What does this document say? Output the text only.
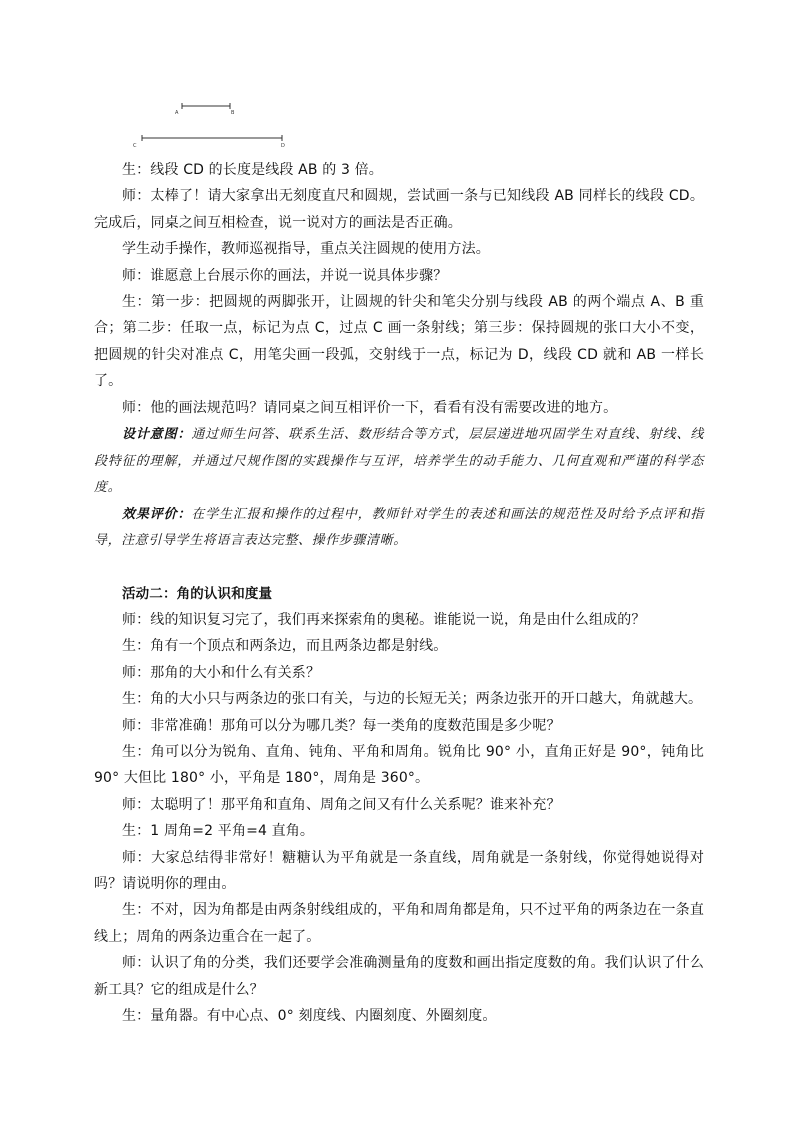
A	B
C	D

生：线段 CD 的长度是线段 AB 的 3 倍。

师：太棒了！请大家拿出无刻度直尺和圆规，尝试画一条与已知线段 AB 同样长的线段 CD。完成后，同桌之间互相检查，说一说对方的画法是否正确。

学生动手操作，教师巡视指导，重点关注圆规的使用方法。

师：谁愿意上台展示你的画法，并说一说具体步骤？

生：第一步：把圆规的两脚张开，让圆规的针尖和笔尖分别与线段 AB 的两个端点 A、B 重合；第二步：任取一点，标记为点 C，过点 C 画一条射线；第三步：保持圆规的张口大小不变，把圆规的针尖对准点 C，用笔尖画一段弧，交射线于一点，标记为 D，线段 CD 就和 AB 一样长了。

师：他的画法规范吗？请同桌之间互相评价一下，看看有没有需要改进的地方。

设计意图：通过师生问答、联系生活、数形结合等方式，层层递进地巩固学生对直线、射线、线段特征的理解，并通过尺规作图的实践操作与互评，培养学生的动手能力、几何直观和严谨的科学态度。

效果评价：在学生汇报和操作的过程中，教师针对学生的表述和画法的规范性及时给予点评和指导，注意引导学生将语言表达完整、操作步骤清晰。

活动二：角的认识和度量

师：线的知识复习完了，我们再来探索角的奥秘。谁能说一说，角是由什么组成的？

生：角有一个顶点和两条边，而且两条边都是射线。

师：那角的大小和什么有关系？

生：角的大小只与两条边的张口有关，与边的长短无关；两条边张开的开口越大，角就越大。

师：非常准确！那角可以分为哪几类？每一类角的度数范围是多少呢？

生：角可以分为锐角、直角、钝角、平角和周角。锐角比 90° 小，直角正好是 90°，钝角比 90° 大但比 180° 小，平角是 180°，周角是 360°。

师：太聪明了！那平角和直角、周角之间又有什么关系呢？谁来补充？

生：1 周角=2 平角=4 直角。

师：大家总结得非常好！糖糖认为平角就是一条直线，周角就是一条射线，你觉得她说得对吗？请说明你的理由。

生：不对，因为角都是由两条射线组成的，平角和周角都是角，只不过平角的两条边在一条直线上；周角的两条边重合在一起了。

师：认识了角的分类，我们还要学会准确测量角的度数和画出指定度数的角。我们认识了什么新工具？它的组成是什么？

生：量角器。有中心点、0° 刻度线、内圈刻度、外圈刻度。
